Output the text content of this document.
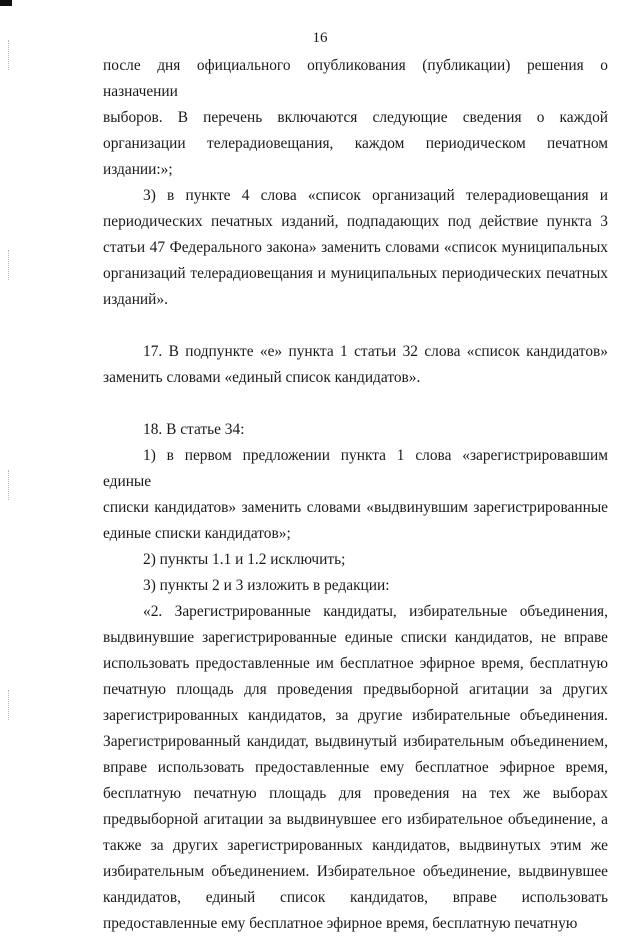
16

после дня официального опубликования (публикации) решения о назначении

выборов. В перечень включаются следующие сведения о каждой

организации телерадиовещания, каждом периодическом печатном издании:»;

3) в пункте 4 слова «список организаций телерадиовещания и

периодических печатных изданий, подпадающих под действие пункта 3

статьи 47 Федерального закона» заменить словами «список муниципальных

организаций телерадиовещания и муниципальных периодических печатных

изданий».

17. В подпункте «е» пункта 1 статьи 32 слова «список кандидатов»

заменить словами «единый список кандидатов».

18. В статье 34:

1) в первом предложении пункта 1 слова «зарегистрировавшим единые

списки кандидатов» заменить словами «выдвинувшим зарегистрированные

единые списки кандидатов»;

2) пункты 1.1 и 1.2 исключить;

3) пункты 2 и 3 изложить в редакции:

«2. Зарегистрированные кандидаты, избирательные объединения,

выдвинувшие зарегистрированные единые списки кандидатов, не вправе

использовать предоставленные им бесплатное эфирное время, бесплатную

печатную площадь для проведения предвыборной агитации за других

зарегистрированных кандидатов, за другие избирательные объединения.

Зарегистрированный кандидат, выдвинутый избирательным объединением,

вправе использовать предоставленные ему бесплатное эфирное время,

бесплатную печатную площадь для проведения на тех же выборах

предвыборной агитации за выдвинувшее его избирательное объединение, а

также за других зарегистрированных кандидатов, выдвинутых этим же

избирательным объединением. Избирательное объединение, выдвинувшее

кандидатов, единый список кандидатов, вправе использовать

предоставленные ему бесплатное эфирное время, бесплатную печатную
